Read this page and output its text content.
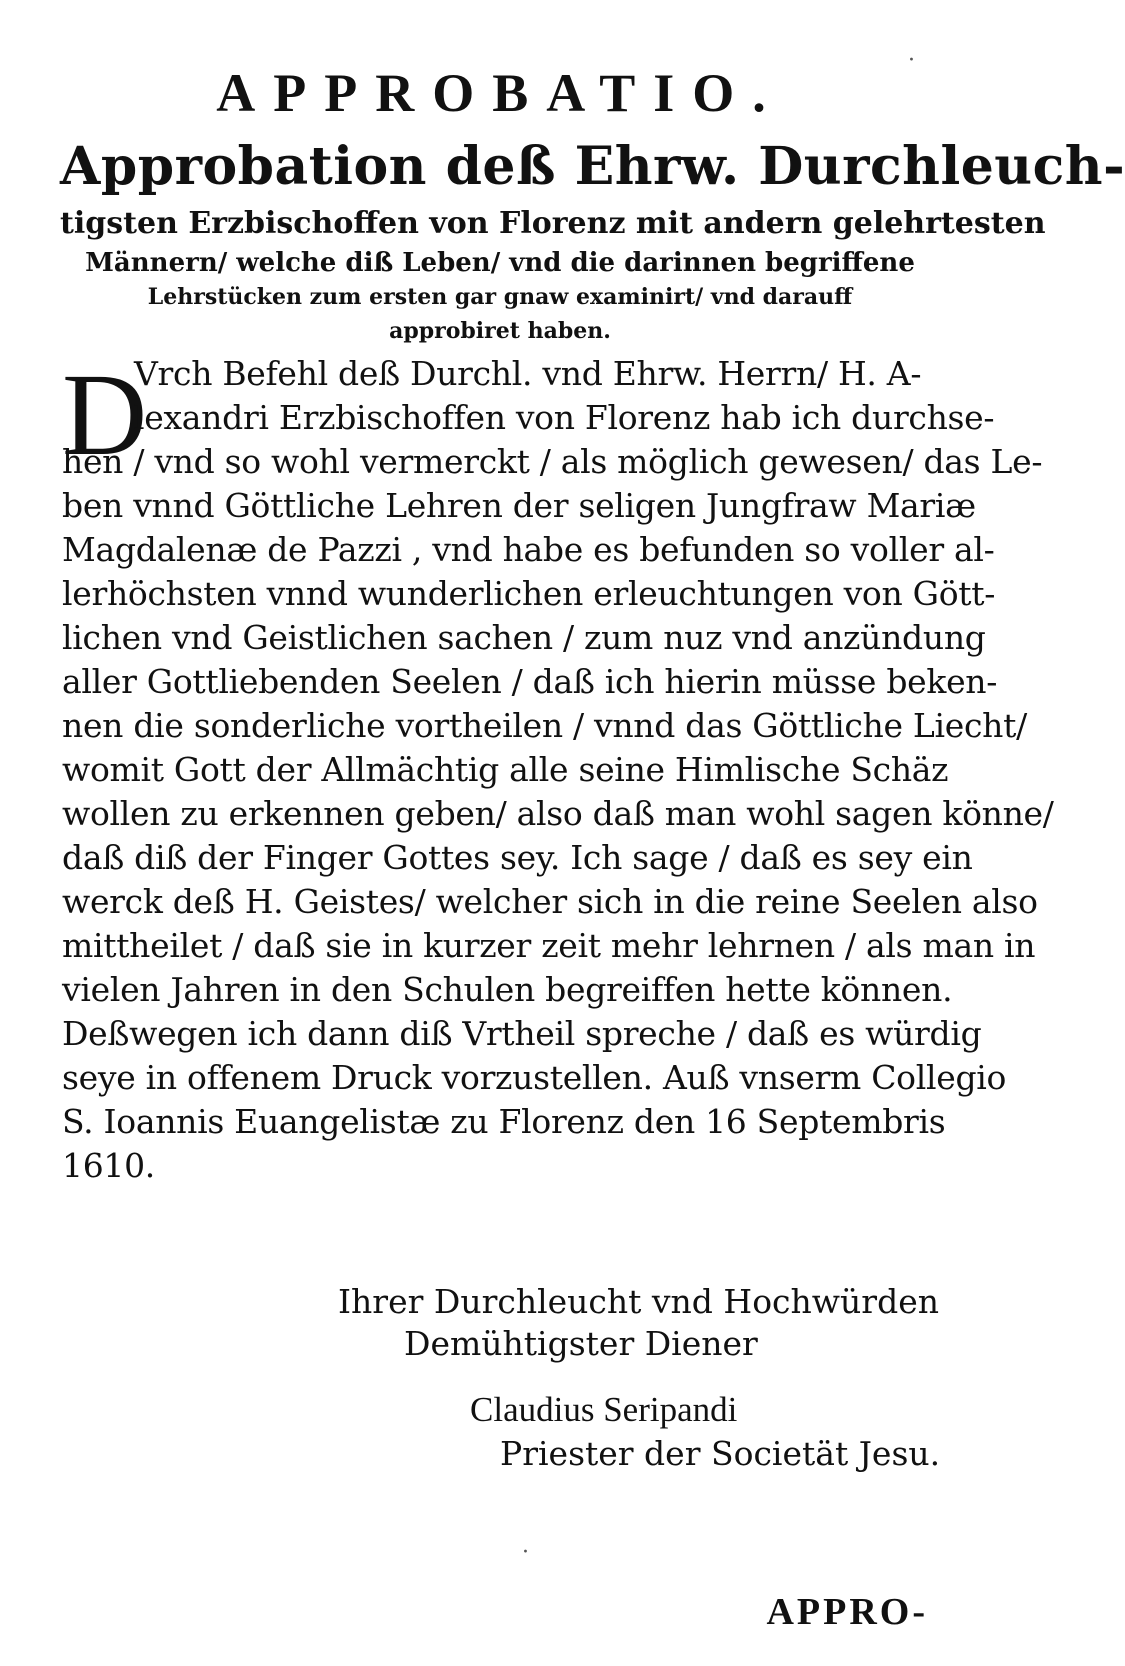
APPROBATIO.
Approbation deß Ehrw. Durchleuch-
tigsten Erzbischoffen von Florenz mit andern gelehrtesten
Männern/ welche diß Leben/ vnd die darinnen begriffene
Lehrstücken zum ersten gar gnaw examinirt/ vnd darauff
approbiret haben.
D
Vrch Befehl deß Durchl. vnd Ehrw. Herrn/ H. A-
lexandri Erzbischoffen von Florenz hab ich durchse-
hen / vnd so wohl vermerckt / als möglich gewesen/ das Le-
ben vnnd Göttliche Lehren der seligen Jungfraw Mariæ
Magdalenæ de Pazzi , vnd habe es befunden so voller al-
lerhöchsten vnnd wunderlichen erleuchtungen von Gött-
lichen vnd Geistlichen sachen / zum nuz vnd anzündung
aller Gottliebenden Seelen / daß ich hierin müsse beken-
nen die sonderliche vortheilen / vnnd das Göttliche Liecht/
womit Gott der Allmächtig alle seine Himlische Schäz
wollen zu erkennen geben/ also daß man wohl sagen könne/
daß diß der Finger Gottes sey. Ich sage / daß es sey ein
werck deß H. Geistes/ welcher sich in die reine Seelen also
mittheilet / daß sie in kurzer zeit mehr lehrnen / als man in
vielen Jahren in den Schulen begreiffen hette können.
Deßwegen ich dann diß Vrtheil spreche / daß es würdig
seye in offenem Druck vorzustellen. Auß vnserm Collegio
S. Ioannis Euangelistæ zu Florenz den 16 Septembris
1610.
Ihrer Durchleucht vnd Hochwürden
Demühtigster Diener
Claudius Seripandi
Priester der Societät Jesu.
·
·
APPRO-
